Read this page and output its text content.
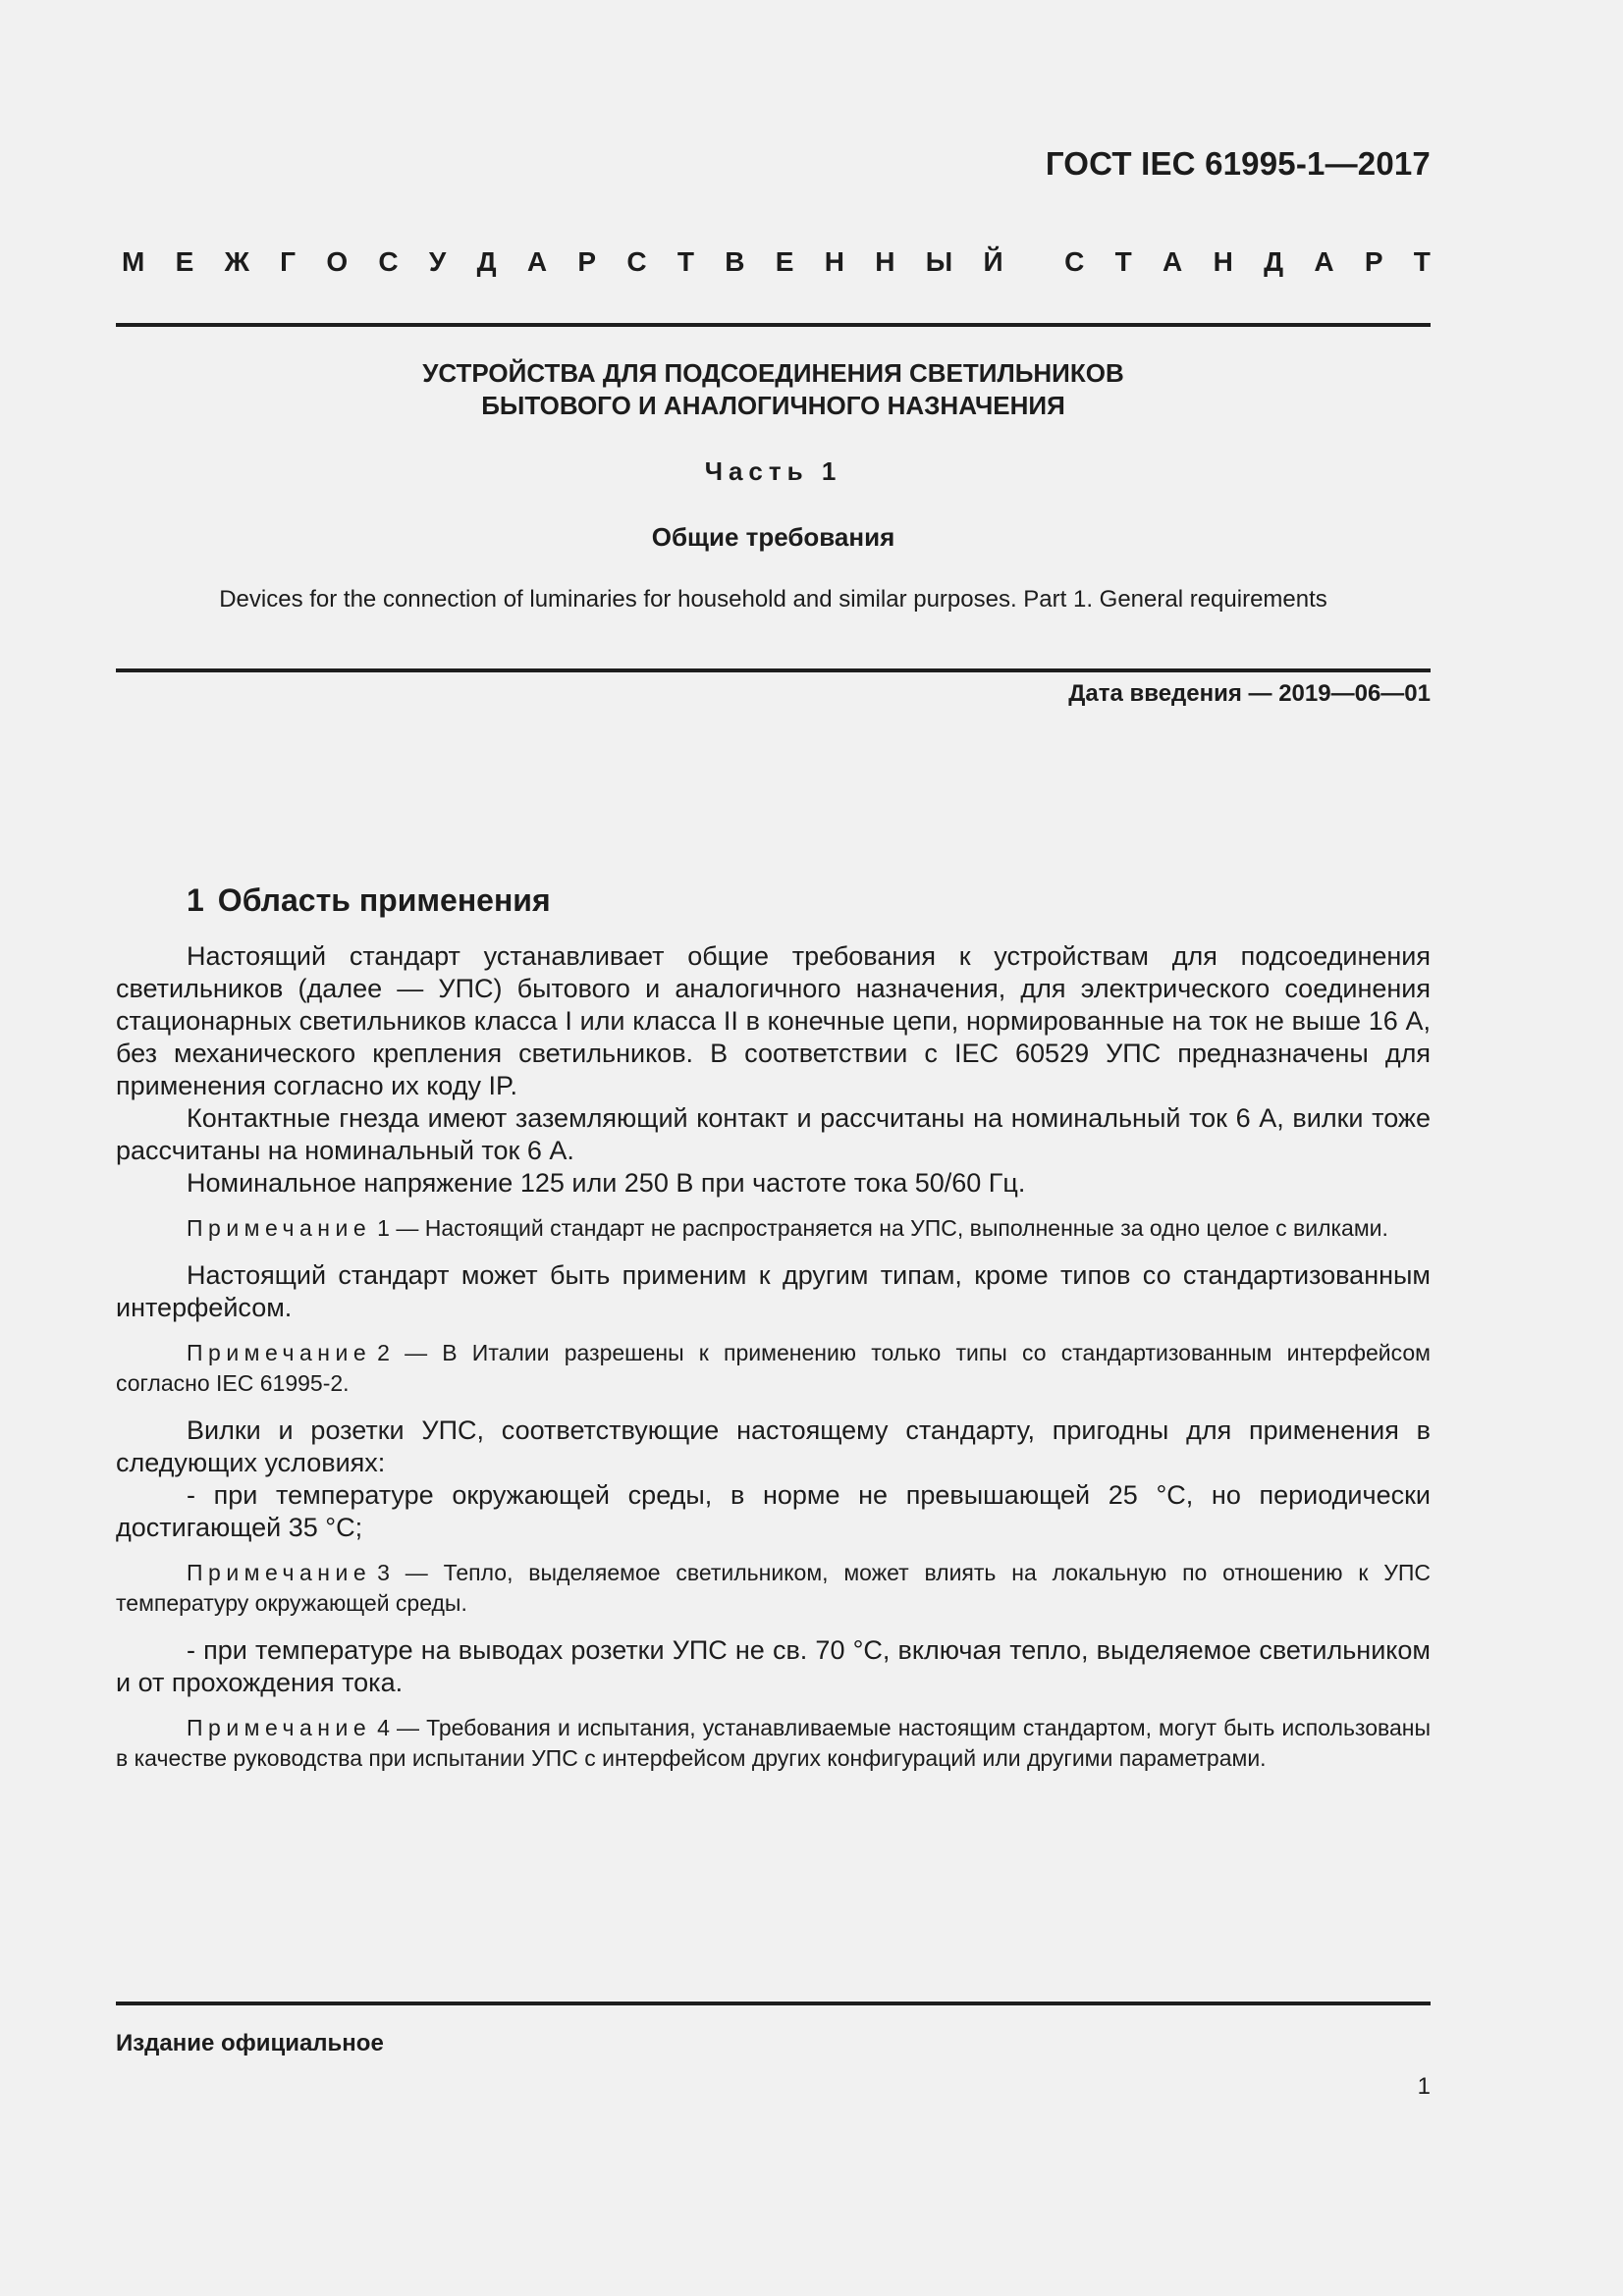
ГОСТ IEC 61995-1—2017
М Е Ж Г О С У Д А Р С Т В Е Н Н Ы Й С Т А Н Д А Р Т
УСТРОЙСТВА ДЛЯ ПОДСОЕДИНЕНИЯ СВЕТИЛЬНИКОВ
БЫТОВОГО И АНАЛОГИЧНОГО НАЗНАЧЕНИЯ
Часть 1
Общие требования
Devices for the connection of luminaries for household and similar purposes. Part 1. General requirements
Дата введения — 2019—06—01
1 Область применения

Настоящий стандарт устанавливает общие требования к устройствам для подсоединения светильников (далее — УПС) бытового и аналогичного назначения, для электрического соединения стационарных светильников класса I или класса II в конечные цепи, нормированные на ток не выше 16 А, без механического крепления светильников. В соответствии с IEC 60529 УПС предназначены для применения согласно их коду IP.

Контактные гнезда имеют заземляющий контакт и рассчитаны на номинальный ток 6 А, вилки тоже рассчитаны на номинальный ток 6 А.

Номинальное напряжение 125 или 250 В при частоте тока 50/60 Гц.

Примечание 1 — Настоящий стандарт не распространяется на УПС, выполненные за одно целое с вилками.

Настоящий стандарт может быть применим к другим типам, кроме типов со стандартизованным интерфейсом.

Примечание 2 — В Италии разрешены к применению только типы со стандартизованным интерфейсом согласно IEC 61995-2.

Вилки и розетки УПС, соответствующие настоящему стандарту, пригодны для применения в следующих условиях:

- при температуре окружающей среды, в норме не превышающей 25 °С, но периодически достигающей 35 °С;

Примечание 3 — Тепло, выделяемое светильником, может влиять на локальную по отношению к УПС температуру окружающей среды.

- при температуре на выводах розетки УПС не св. 70 °С, включая тепло, выделяемое светильником и от прохождения тока.

Примечание 4 — Требования и испытания, устанавливаемые настоящим стандартом, могут быть использованы в качестве руководства при испытании УПС с интерфейсом других конфигураций или другими параметрами.

Издание официальное
1
